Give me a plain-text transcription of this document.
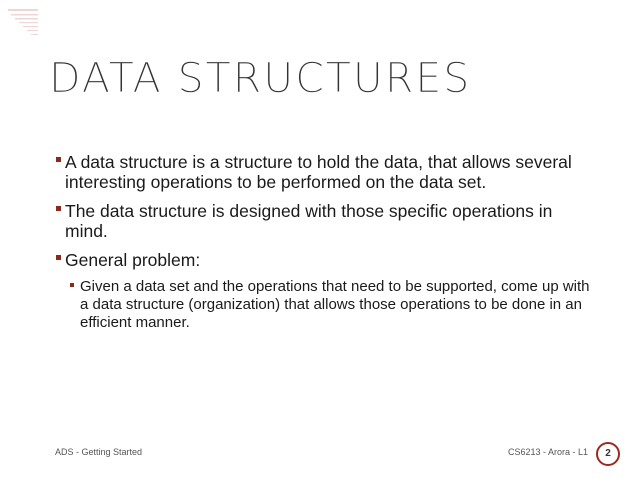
DATA STRUCTURES
A data structure is a structure to hold the data, that allows several interesting operations to be performed on the data set.
The data structure is designed with those specific operations in mind.
General problem:
Given a data set and the operations that need to be supported, come up with a data structure (organization) that allows those operations to be done in an efficient manner.
ADS - Getting Started	CS6213 - Arora - L1	2
